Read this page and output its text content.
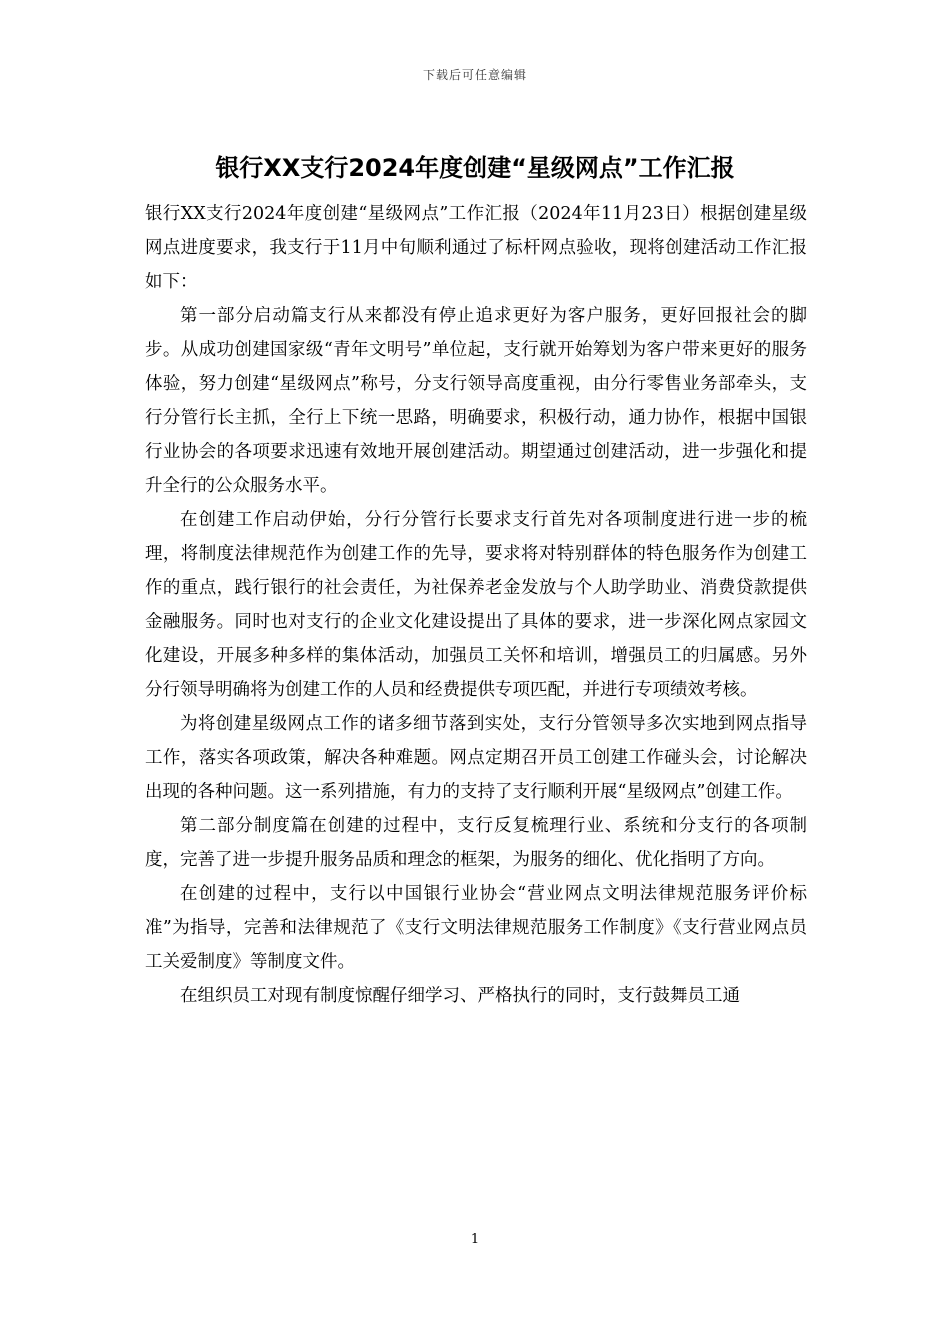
下载后可任意编辑
银行XX支行2024年度创建“星级网点”工作汇报

银行XX支行2024年度创建“星级网点”工作汇报（2024年11月23日）根据创建星级网点进度要求，我支行于11月中旬顺利通过了标杆网点验收，现将创建活动工作汇报如下：

第一部分启动篇支行从来都没有停止追求更好为客户服务，更好回报社会的脚步。从成功创建国家级“青年文明号”单位起，支行就开始筹划为客户带来更好的服务体验，努力创建“星级网点”称号，分支行领导高度重视，由分行零售业务部牵头，支行分管行长主抓，全行上下统一思路，明确要求，积极行动，通力协作，根据中国银行业协会的各项要求迅速有效地开展创建活动。期望通过创建活动，进一步强化和提升全行的公众服务水平。

在创建工作启动伊始，分行分管行长要求支行首先对各项制度进行进一步的梳理，将制度法律规范作为创建工作的先导，要求将对特别群体的特色服务作为创建工作的重点，践行银行的社会责任，为社保养老金发放与个人助学助业、消费贷款提供金融服务。同时也对支行的企业文化建设提出了具体的要求，进一步深化网点家园文化建设，开展多种多样的集体活动，加强员工关怀和培训，增强员工的归属感。另外分行领导明确将为创建工作的人员和经费提供专项匹配，并进行专项绩效考核。

为将创建星级网点工作的诸多细节落到实处，支行分管领导多次实地到网点指导工作，落实各项政策，解决各种难题。网点定期召开员工创建工作碰头会，讨论解决出现的各种问题。这一系列措施，有力的支持了支行顺利开展“星级网点”创建工作。

第二部分制度篇在创建的过程中，支行反复梳理行业、系统和分支行的各项制度，完善了进一步提升服务品质和理念的框架，为服务的细化、优化指明了方向。

在创建的过程中，支行以中国银行业协会“营业网点文明法律规范服务评价标准”为指导，完善和法律规范了《支行文明法律规范服务工作制度》《支行营业网点员工关爱制度》等制度文件。

在组织员工对现有制度惊醒仔细学习、严格执行的同时，支行鼓舞员工通

1
